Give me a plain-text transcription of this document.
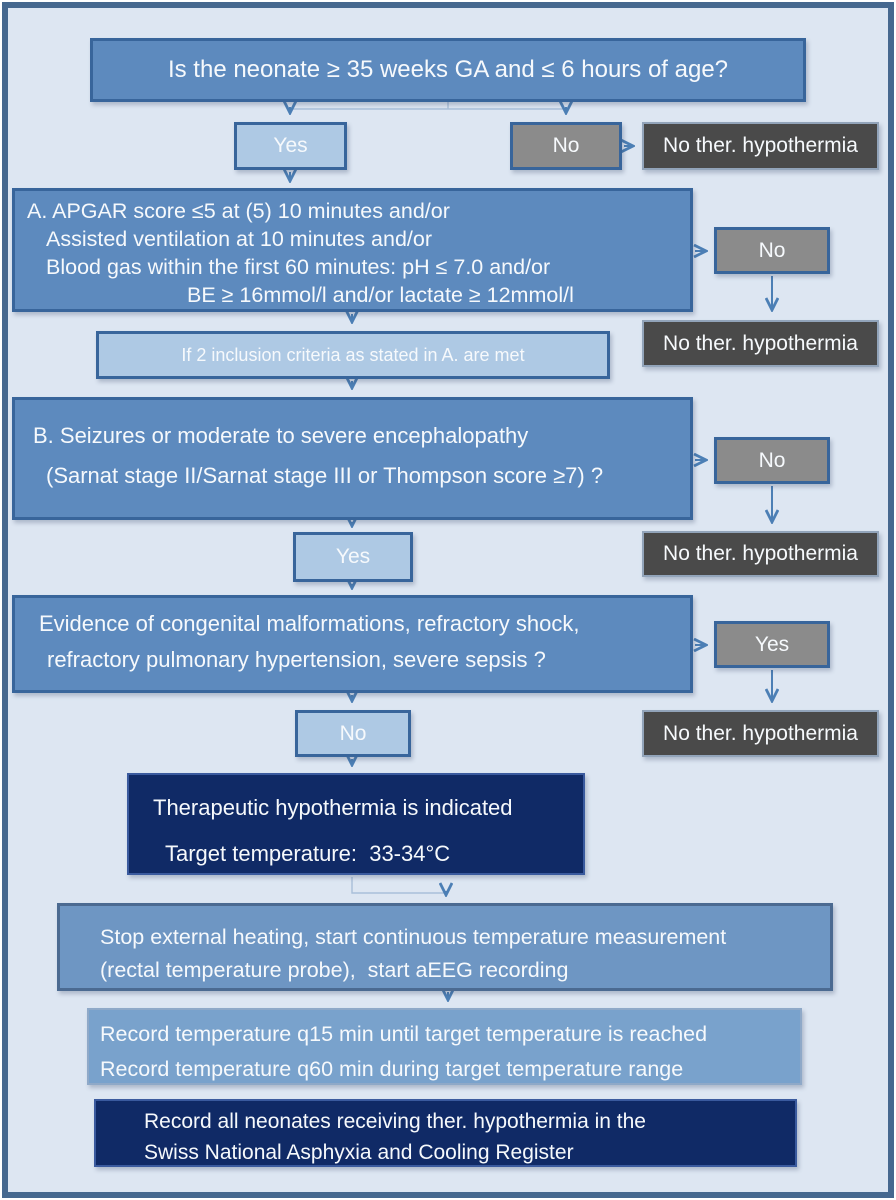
Is the neonate ≥ 35 weeks GA and ≤ 6 hours of age?
Yes	No	No ther. hypothermia
A. APGAR score ≤5 at (5) 10 minutes and/or
Assisted ventilation at 10 minutes and/or
Blood gas within the first 60 minutes: pH ≤ 7.0 and/or
BE ≥ 16mmol/l and/or lactate ≥ 12mmol/l
No
No ther. hypothermia
If 2 inclusion criteria as stated in A. are met
B. Seizures or moderate to severe encephalopathy
(Sarnat stage II/Sarnat stage III or Thompson score ≥7) ?
No
No ther. hypothermia
Yes
Evidence of congenital malformations, refractory shock,
refractory pulmonary hypertension, severe sepsis ?
Yes
No ther. hypothermia
No
Therapeutic hypothermia is indicated
Target temperature:  33-34°C
Stop external heating, start continuous temperature measurement
(rectal temperature probe),  start aEEG recording
Record temperature q15 min until target temperature is reached
Record temperature q60 min during target temperature range
Record all neonates receiving ther. hypothermia in the
Swiss National Asphyxia and Cooling Register
